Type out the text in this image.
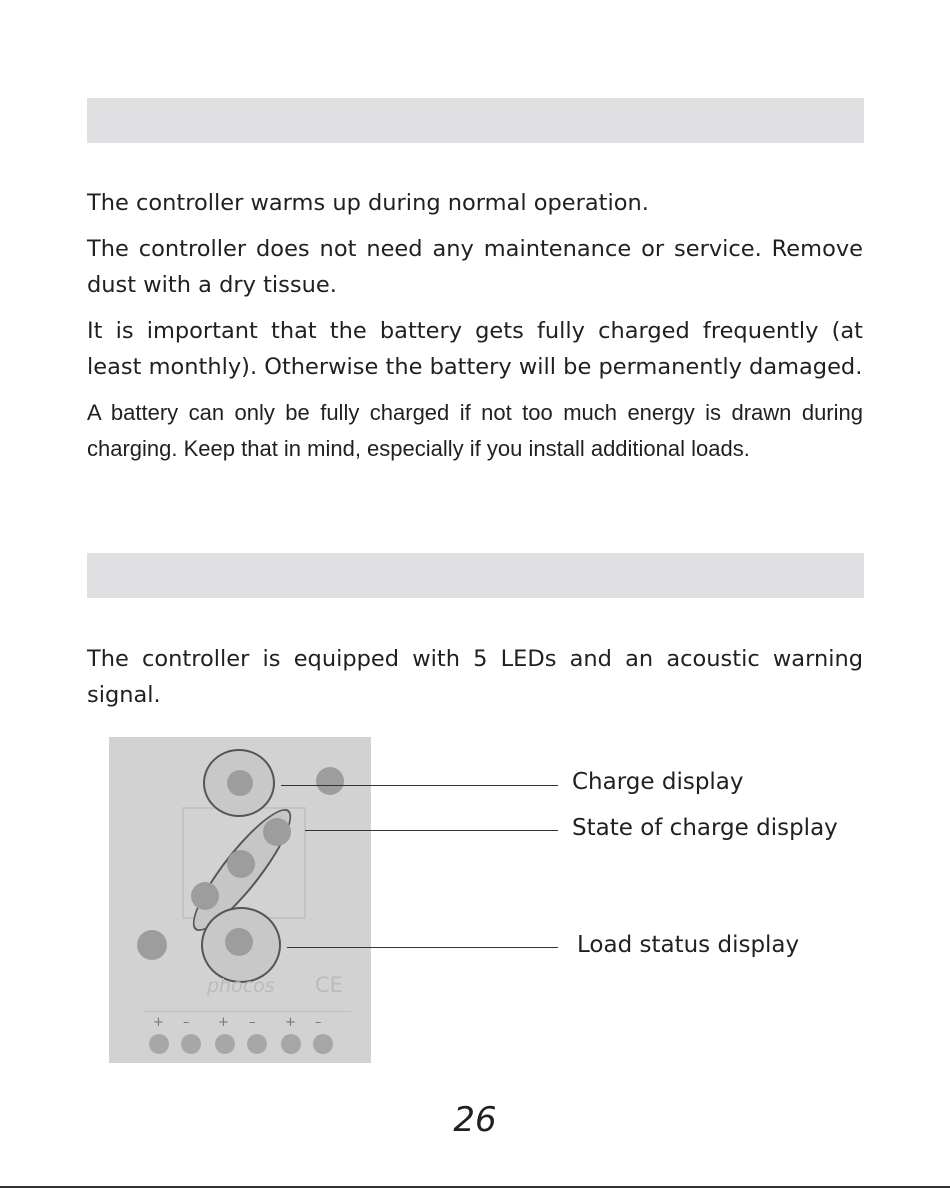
The controller warms up during normal operation.

The controller does not need any maintenance or service. Remove dust with a dry tissue.

It is important that the battery gets fully charged frequently (at least monthly). Otherwise the battery will be permanently damaged.

A battery can only be fully charged if not too much energy is drawn during charging. Keep that in mind, especially if you install additional loads.

The controller is equipped with 5 LEDs and an acoustic warning signal.

phocos CE
+ – + – + –
Charge display
State of charge display
Load status display
26
